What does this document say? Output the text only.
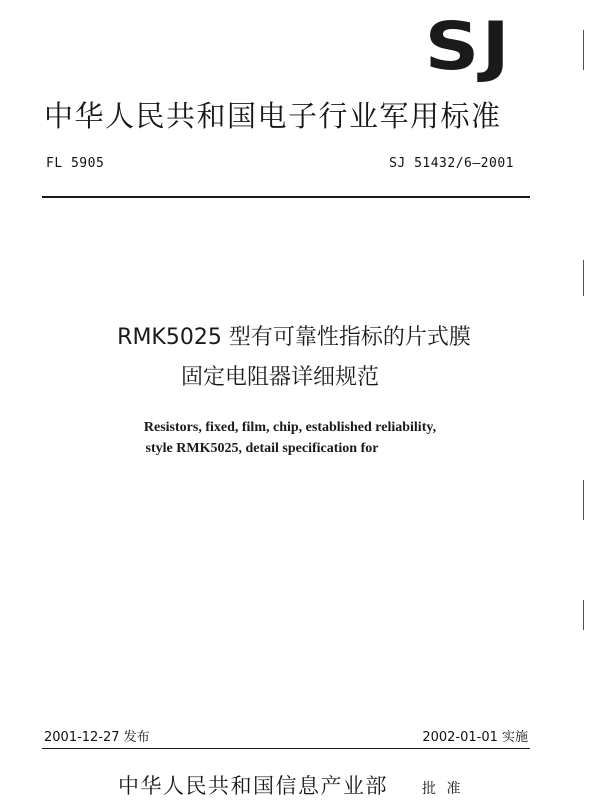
SJ
中华人民共和国电子行业军用标准
FL 5905	SJ 51432/6—2001
RMK5025 型有可靠性指标的片式膜
固定电阻器详细规范
Resistors, fixed, film, chip, established reliability,
style RMK5025, detail specification for
2001-12-27 发布	2002-01-01 实施
中华人民共和国信息产业部 批 准
